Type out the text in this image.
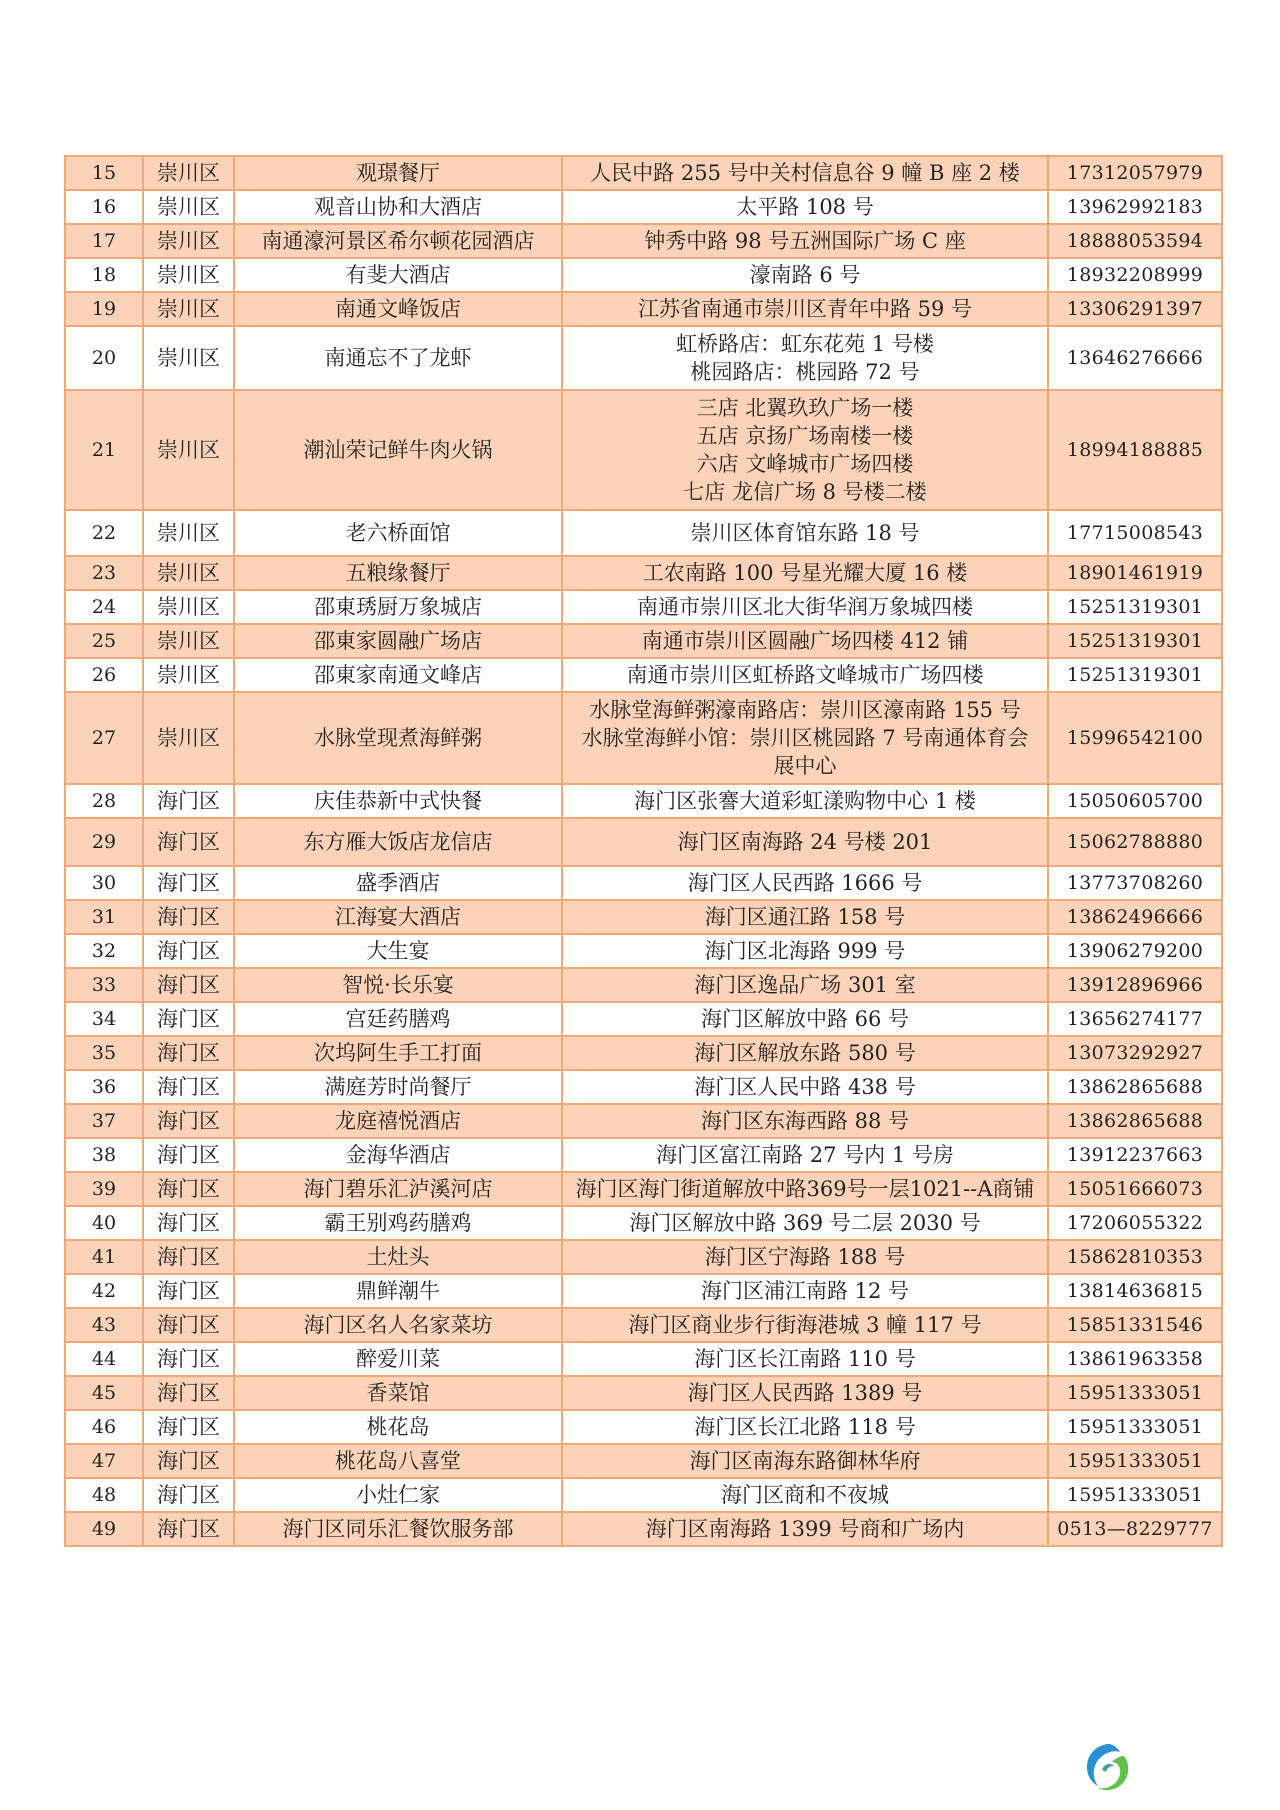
15	崇川区	观璟餐厅	人民中路 255 号中关村信息谷 9 幢 B 座 2 楼	17312057979
16	崇川区	观音山协和大酒店	太平路 108 号	13962992183
17	崇川区	南通濠河景区希尔顿花园酒店	钟秀中路 98 号五洲国际广场 C 座	18888053594
18	崇川区	有斐大酒店	濠南路 6 号	18932208999
19	崇川区	南通文峰饭店	江苏省南通市崇川区青年中路 59 号	13306291397
20	崇川区	南通忘不了龙虾	虹桥路店：虹东花苑 1 号楼
桃园路店：桃园路 72 号	13646276666
21	崇川区	潮汕荣记鲜牛肉火锅	三店 北翼玖玖广场一楼
五店 京扬广场南楼一楼
六店 文峰城市广场四楼
七店 龙信广场 8 号楼二楼	18994188885
22	崇川区	老六桥面馆	崇川区体育馆东路 18 号	17715008543
23	崇川区	五粮缘餐厅	工农南路 100 号星光耀大厦 16 楼	18901461919
24	崇川区	邵東琇厨万象城店	南通市崇川区北大街华润万象城四楼	15251319301
25	崇川区	邵東家圆融广场店	南通市崇川区圆融广场四楼 412 铺	15251319301
26	崇川区	邵東家南通文峰店	南通市崇川区虹桥路文峰城市广场四楼	15251319301
27	崇川区	水脉堂现煮海鲜粥	水脉堂海鲜粥濠南路店：崇川区濠南路 155 号
水脉堂海鲜小馆：崇川区桃园路 7 号南通体育会
展中心	15996542100
28	海门区	庆佳恭新中式快餐	海门区张謇大道彩虹漾购物中心 1 楼	15050605700
29	海门区	东方雁大饭店龙信店	海门区南海路 24 号楼 201	15062788880
30	海门区	盛季酒店	海门区人民西路 1666 号	13773708260
31	海门区	江海宴大酒店	海门区通江路 158 号	13862496666
32	海门区	大生宴	海门区北海路 999 号	13906279200
33	海门区	智悦·长乐宴	海门区逸品广场 301 室	13912896966
34	海门区	宫廷药膳鸡	海门区解放中路 66 号	13656274177
35	海门区	次坞阿生手工打面	海门区解放东路 580 号	13073292927
36	海门区	满庭芳时尚餐厅	海门区人民中路 438 号	13862865688
37	海门区	龙庭禧悦酒店	海门区东海西路 88 号	13862865688
38	海门区	金海华酒店	海门区富江南路 27 号内 1 号房	13912237663
39	海门区	海门碧乐汇泸溪河店	海门区海门街道解放中路369号一层1021--A商铺	15051666073
40	海门区	霸王别鸡药膳鸡	海门区解放中路 369 号二层 2030 号	17206055322
41	海门区	土灶头	海门区宁海路 188 号	15862810353
42	海门区	鼎鲜潮牛	海门区浦江南路 12 号	13814636815
43	海门区	海门区名人名家菜坊	海门区商业步行街海港城 3 幢 117 号	15851331546
44	海门区	醉爱川菜	海门区长江南路 110 号	13861963358
45	海门区	香菜馆	海门区人民西路 1389 号	15951333051
46	海门区	桃花岛	海门区长江北路 118 号	15951333051
47	海门区	桃花岛八喜堂	海门区南海东路御林华府	15951333051
48	海门区	小灶仁家	海门区商和不夜城	15951333051
49	海门区	海门区同乐汇餐饮服务部	海门区南海路 1399 号商和广场内	0513—8229777
